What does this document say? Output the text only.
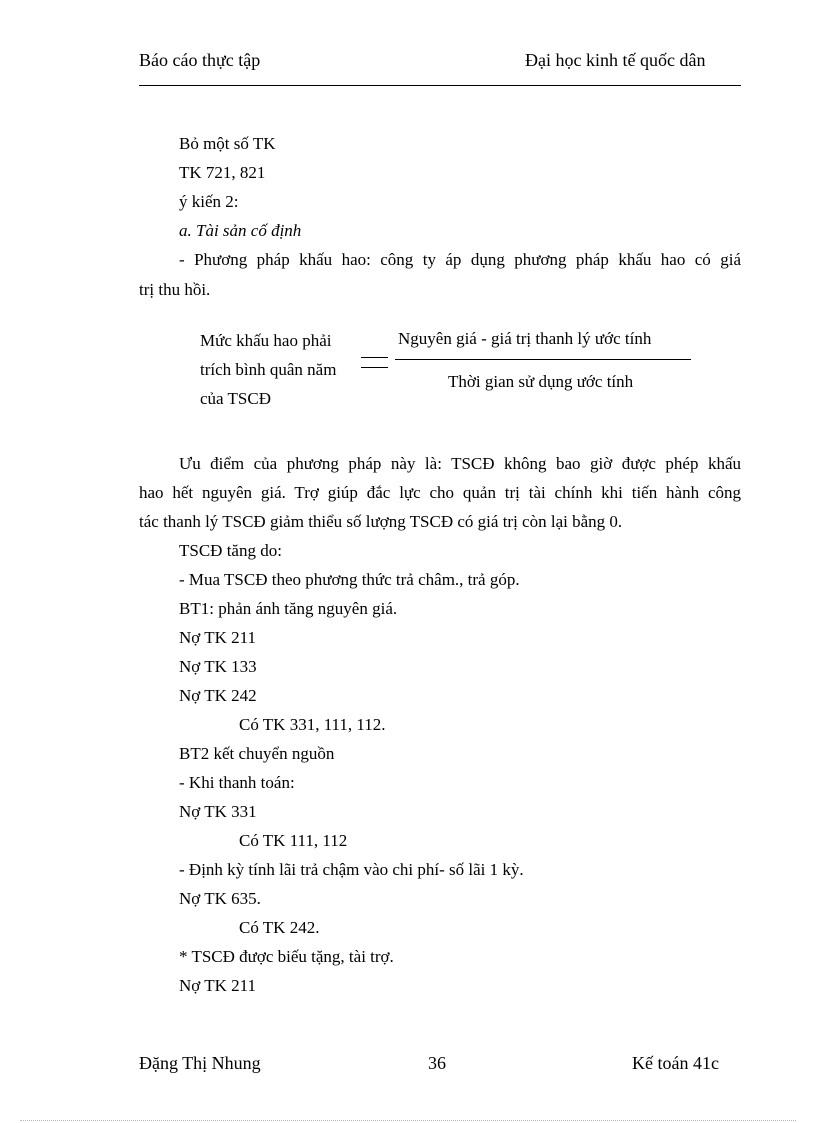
Báo cáo thực tập	Đại học kinh tế quốc dân
Bỏ một số TK
TK 721, 821
ý kiến 2:
a. Tài sản cố định
- Phương pháp khấu hao: công ty áp dụng phương pháp khấu hao có giá
trị thu hồi.
Mức khấu hao phải
trích bình quân năm
của TSCĐ
Nguyên giá - giá trị thanh lý ước tính
Thời gian sử dụng ước tính
Ưu điểm của phương pháp này là: TSCĐ không bao giờ được phép khấu
hao hết nguyên giá. Trợ giúp đắc lực cho quản trị tài chính khi tiến hành công
tác thanh lý TSCĐ giảm thiểu số lượng TSCĐ có giá trị còn lại bằng 0.
TSCĐ tăng do:
- Mua TSCĐ theo phương thức trả châm., trả góp.
BT1: phản ánh tăng nguyên giá.
Nợ TK 211
Nợ TK 133
Nợ TK 242
Có TK 331, 111, 112.
BT2 kết chuyển nguồn
- Khi thanh toán:
Nợ TK 331
Có TK 111, 112
- Định kỳ tính lãi trả chậm vào chi phí- số lãi 1 kỳ.
Nợ TK 635.
Có TK 242.
* TSCĐ được biếu tặng, tài trợ.
Nợ TK 211
Đặng Thị Nhung	36	Kế toán 41c
